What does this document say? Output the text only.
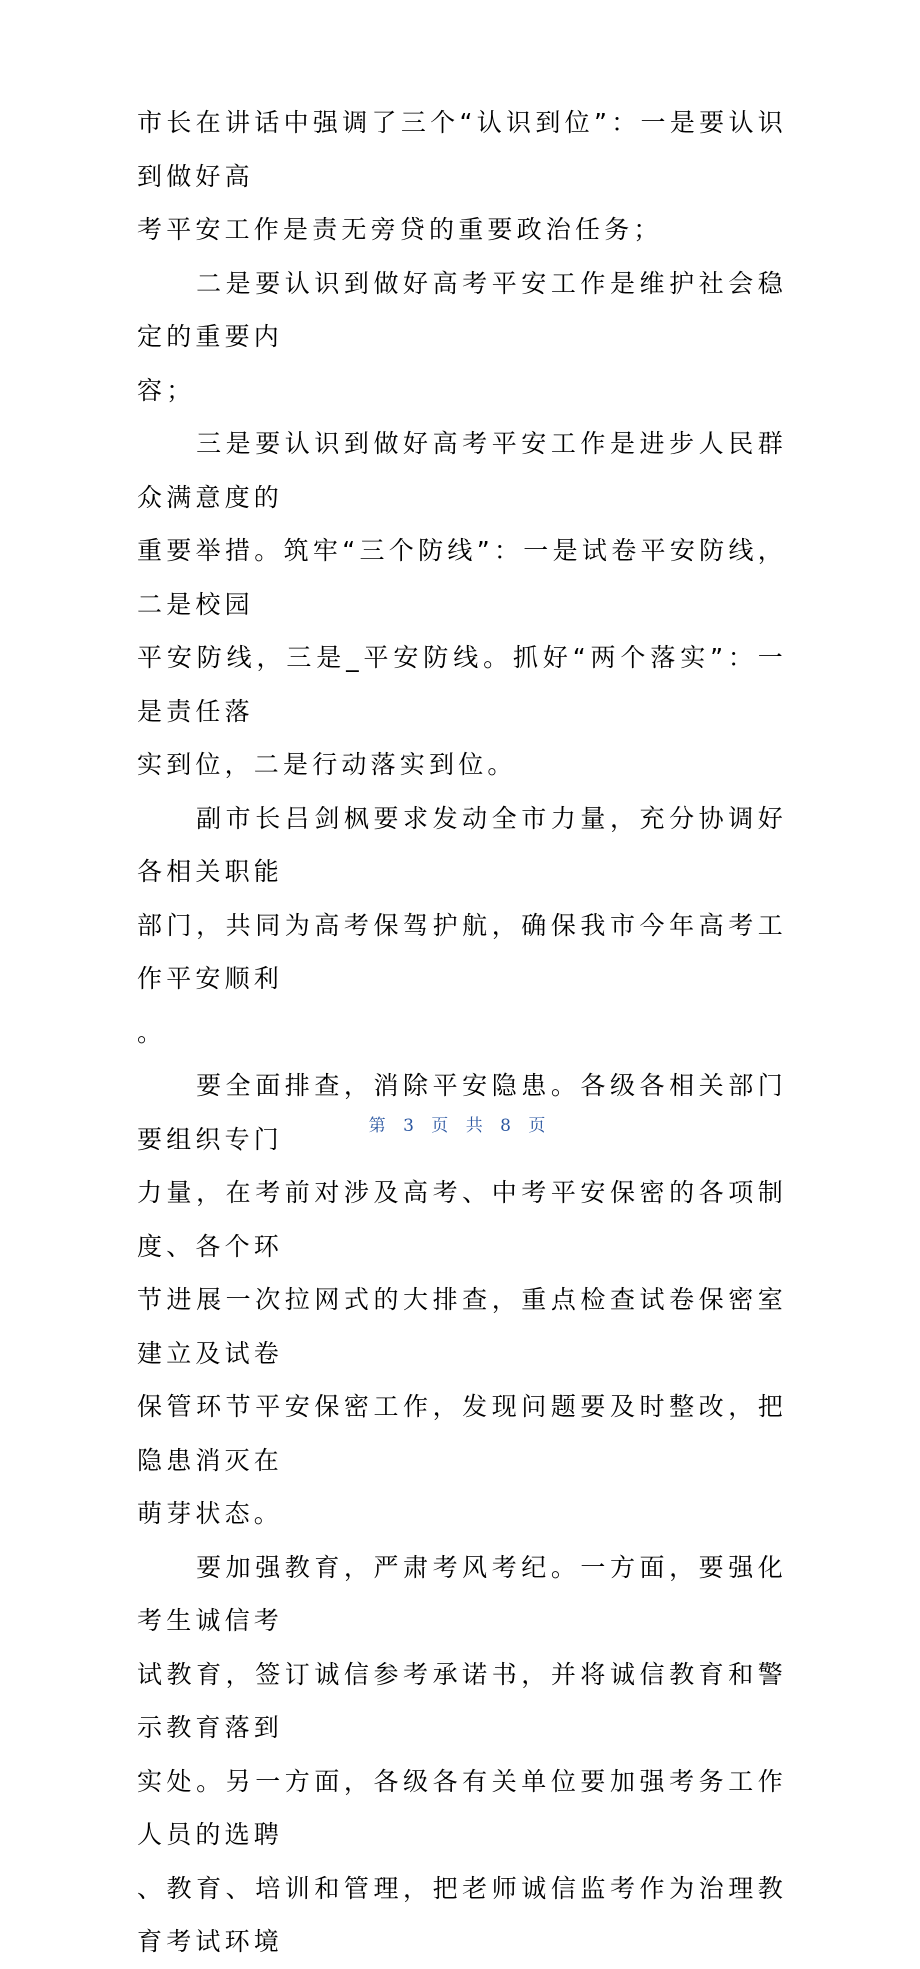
市长在讲话中强调了三个“认识到位”：一是要认识到做好高
考平安工作是责无旁贷的重要政治任务；
　　二是要认识到做好高考平安工作是维护社会稳定的重要内
容；
　　三是要认识到做好高考平安工作是进步人民群众满意度的
重要举措。筑牢“三个防线”：一是试卷平安防线，二是校园
平安防线，三是_平安防线。抓好“两个落实”：一是责任落
实到位，二是行动落实到位。
　　副市长吕剑枫要求发动全市力量，充分协调好各相关职能
部门，共同为高考保驾护航，确保我市今年高考工作平安顺利
。
　　要全面排查，消除平安隐患。各级各相关部门要组织专门
力量，在考前对涉及高考、中考平安保密的各项制度、各个环
节进展一次拉网式的大排查，重点检查试卷保密室建立及试卷
保管环节平安保密工作，发现问题要及时整改，把隐患消灭在
萌芽状态。
　　要加强教育，严肃考风考纪。一方面，要强化考生诚信考
试教育，签订诚信参考承诺书，并将诚信教育和警示教育落到
实处。另一方面，各级各有关单位要加强考务工作人员的选聘
、教育、培训和管理，把老师诚信监考作为治理教育考试环境
第 3 页 共 8 页
